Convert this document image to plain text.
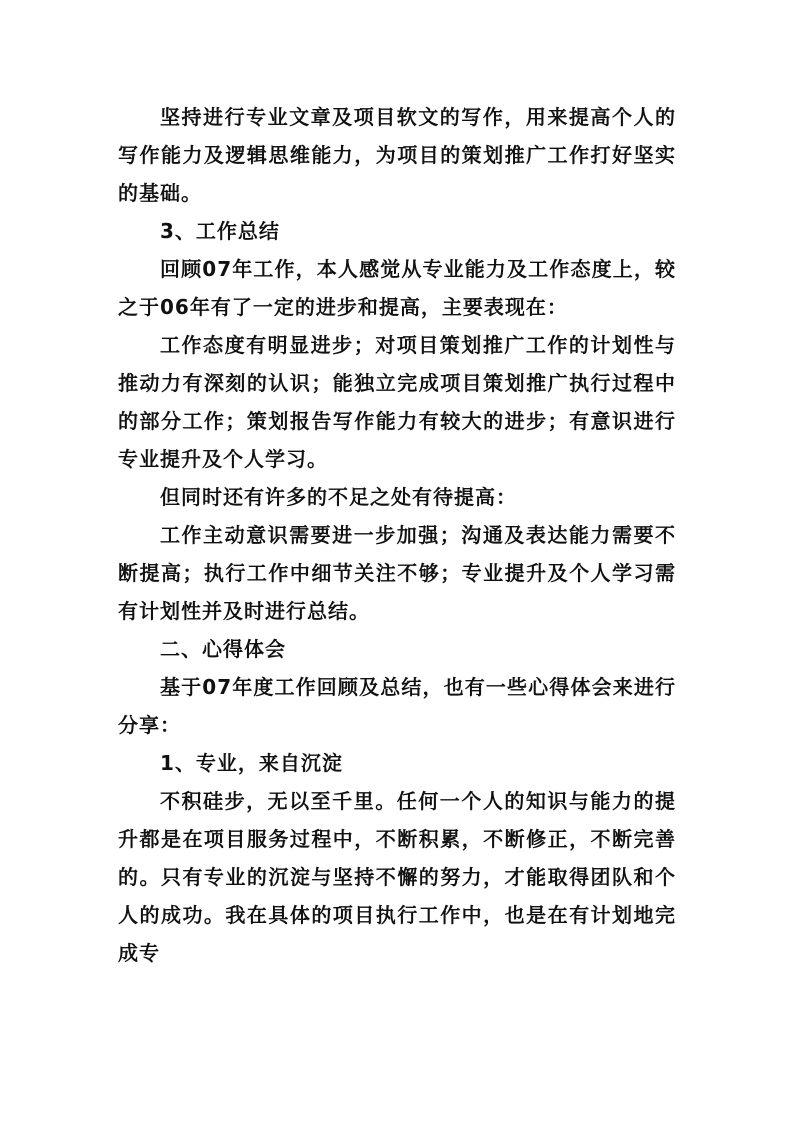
坚持进行专业文章及项目软文的写作，用来提高个人的写作能力及逻辑思维能力，为项目的策划推广工作打好坚实的基础。

3、工作总结

回顾07年工作，本人感觉从专业能力及工作态度上，较之于06年有了一定的进步和提高，主要表现在：

工作态度有明显进步；对项目策划推广工作的计划性与推动力有深刻的认识；能独立完成项目策划推广执行过程中的部分工作；策划报告写作能力有较大的进步；有意识进行专业提升及个人学习。

但同时还有许多的不足之处有待提高：

工作主动意识需要进一步加强；沟通及表达能力需要不断提高；执行工作中细节关注不够；专业提升及个人学习需有计划性并及时进行总结。

二、心得体会

基于07年度工作回顾及总结，也有一些心得体会来进行分享：

1、专业，来自沉淀

不积硅步，无以至千里。任何一个人的知识与能力的提升都是在项目服务过程中，不断积累，不断修正，不断完善的。只有专业的沉淀与坚持不懈的努力，才能取得团队和个人的成功。我在具体的项目执行工作中，也是在有计划地完成专
